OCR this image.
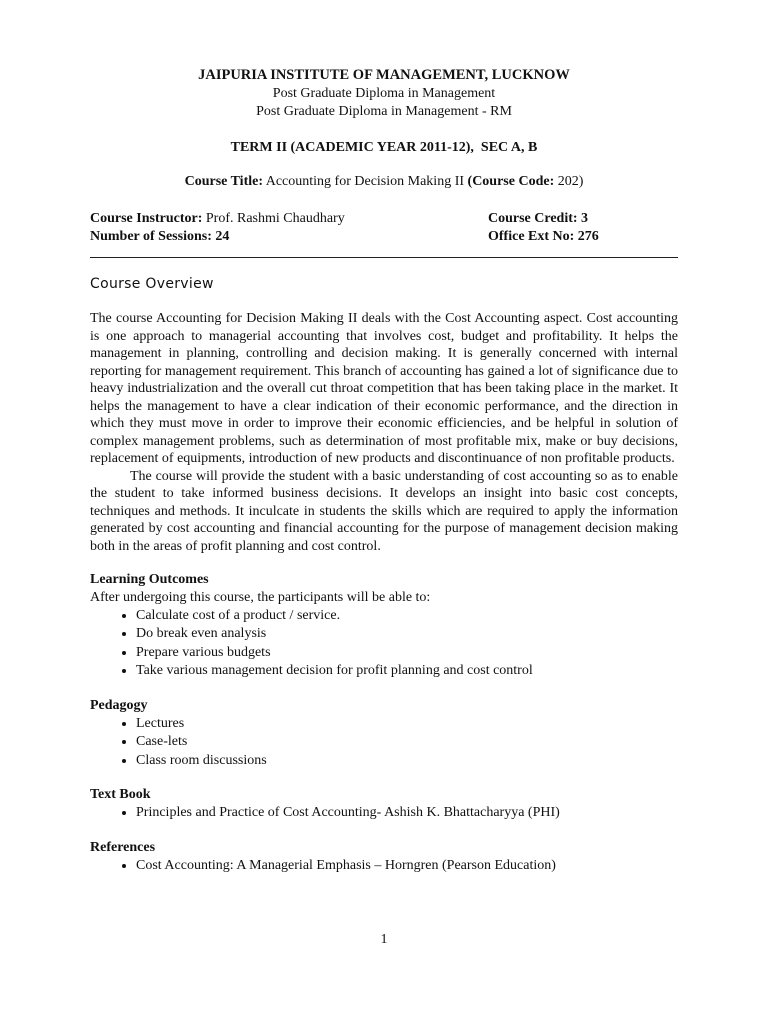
JAIPURIA INSTITUTE OF MANAGEMENT, LUCKNOW
Post Graduate Diploma in Management
Post Graduate Diploma in Management - RM
TERM II (ACADEMIC YEAR 2011-12),  SEC A, B
Course Title: Accounting for Decision Making II (Course Code: 202)
Course Instructor: Prof. Rashmi Chaudhary	Course Credit: 3
Number of Sessions: 24	Office Ext No: 276
Course Overview
The course Accounting for Decision Making II deals with the Cost Accounting aspect. Cost accounting is one approach to managerial accounting that involves cost, budget and profitability. It helps the management in planning, controlling and decision making. It is generally concerned with internal reporting for management requirement. This branch of accounting has gained a lot of significance due to heavy industrialization and the overall cut throat competition that has been taking place in the market. It helps the management to have a clear indication of their economic performance, and the direction in which they must move in order to improve their economic efficiencies, and be helpful in solution of complex management problems, such as determination of most profitable mix, make or buy decisions, replacement of equipments, introduction of new products and discontinuance of non profitable products.
The course will provide the student with a basic understanding of cost accounting so as to enable the student to take informed business decisions. It develops an insight into basic cost concepts, techniques and methods. It inculcate in students the skills which are required to apply the information generated by cost accounting and financial accounting for the purpose of management decision making both in the areas of profit planning and cost control.
Learning Outcomes
After undergoing this course, the participants will be able to:
• Calculate cost of a product / service.
• Do break even analysis
• Prepare various budgets
• Take various management decision for profit planning and cost control
Pedagogy
• Lectures
• Case-lets
• Class room discussions
Text Book
• Principles and Practice of Cost Accounting- Ashish K. Bhattacharyya (PHI)
References
• Cost Accounting: A Managerial Emphasis – Horngren (Pearson Education)
1
